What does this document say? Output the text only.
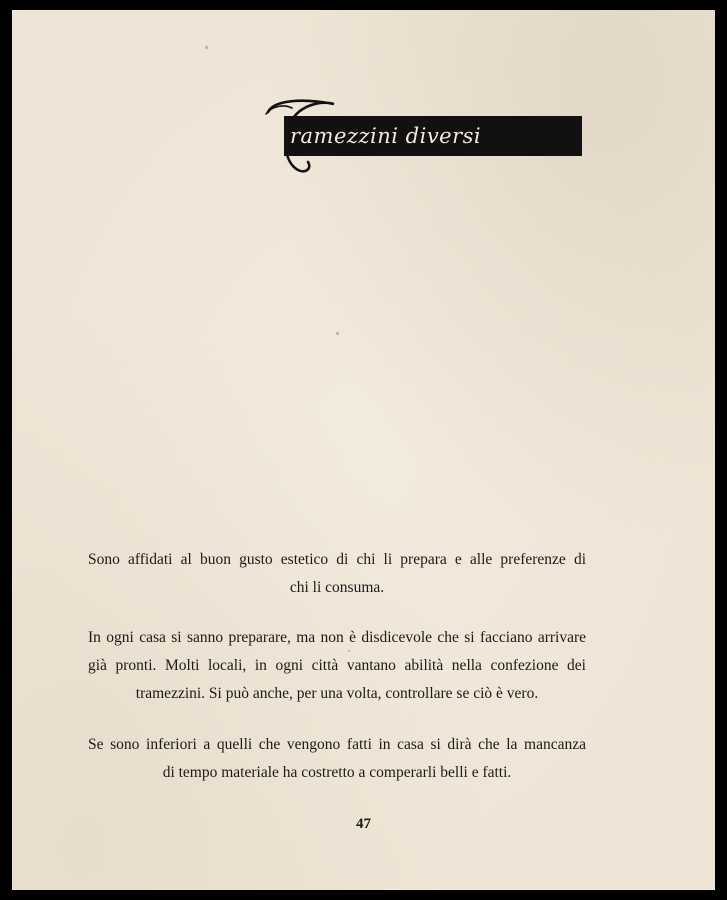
ramezzini diversi

Sono affidati al buon gusto estetico di chi li prepara e alle preferenze di
chi li consuma.

In ogni casa si sanno preparare, ma non è disdicevole che si facciano arrivare
già pronti. Molti locali, in ogni città vantano abilità nella confezione dei
tramezzini. Si può anche, per una volta, controllare se ciò è vero.

Se sono inferiori a quelli che vengono fatti in casa si dirà che la mancanza
di tempo materiale ha costretto a comperarli belli e fatti.

47
